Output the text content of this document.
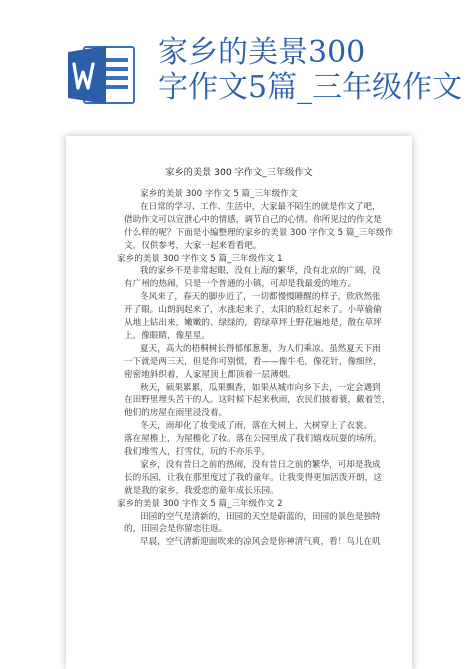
家乡的美景300
字作文5篇_三年级作文
家乡的美景 300 字作文_三年级作文
家乡的美景 300 字作文 5 篇_三年级作文
在日常的学习、工作、生活中，大家最不陌生的就是作文了吧，
借助作文可以宣泄心中的情感，调节自己的心情。你所见过的作文是
什么样的呢？下面是小编整理的家乡的美景 300 字作文 5 篇_三年级作
文，仅供参考，大家一起来看看吧。
家乡的美景 300 字作文 5 篇_三年级作文 1
我的家乡不是非常起眼，没有上海的繁华，没有北京的广阔，没
有广州的热闹，只是一个普通的小镇，可却是我最爱的地方。
冬风来了，春天的脚步近了，一切都慢慢睡醒的样子，欣欣然张
开了眼。山朗润起来了，水涨起来了，太阳的脸红起来了。小草偷偷
从地上钻出来，嫩嫩的、绿绿的，碧绿草坪上野花遍地是，散在草坪
上，像眼睛，像星星。
夏天，高大的梧桐树长得郁郁葱葱，为人们乘凉。虽然夏天下雨
一下就是两三天，但是你可别慌，看——像牛毛，像花针，像细丝，
密密地斜织着，人家屋顶上都顶着一层薄烟。
秋天，硕果累累，瓜果飘香，如果从城市向乡下去，一定会遇到
在田野里埋头苦干的人。这时候下起来秋雨，农民们披着蓑，戴着笠，
他们的房屋在雨里浸没着。
冬天，雨却化了妆变成了雨，落在大树上，大树穿上了衣裳。
落在屋檐上，为屋檐化了妆。落在公园里成了我们嬉戏玩耍的场所。
我们堆雪人，打雪仗，玩的不亦乐乎。
家乡，没有昔日之前的热闹，没有昔日之前的繁华，可却是我成
长的乐园，让我在那里度过了我的童年。让我变得更加活泼开朗，这
就是我的家乡，我爱恋的童年成长乐园。
家乡的美景 300 字作文 5 篇_三年级作文 2
田园的空气是清新的，田园的天空是蔚蓝的，田园的景色是独特
的，田园会是你留恋往返。
早晨，空气清新迎面吹来的凉风会是你神清气爽，看！鸟儿在叽
